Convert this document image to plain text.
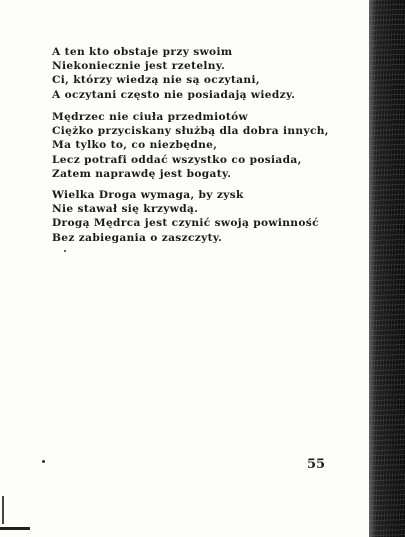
A ten kto obstaje przy swoim
Niekoniecznie jest rzetelny.
Ci, którzy wiedzą nie są oczytani,
A oczytani często nie posiadają wiedzy.
Mędrzec nie ciuła przedmiotów
Ciężko przyciskany służbą dla dobra innych,
Ma tylko to, co niezbędne,
Lecz potrafi oddać wszystko co posiada,
Zatem naprawdę jest bogaty.
Wielka Droga wymaga, by zysk
Nie stawał się krzywdą.
Drogą Mędrca jest czynić swoją powinność
Bez zabiegania o zaszczyty.
55
